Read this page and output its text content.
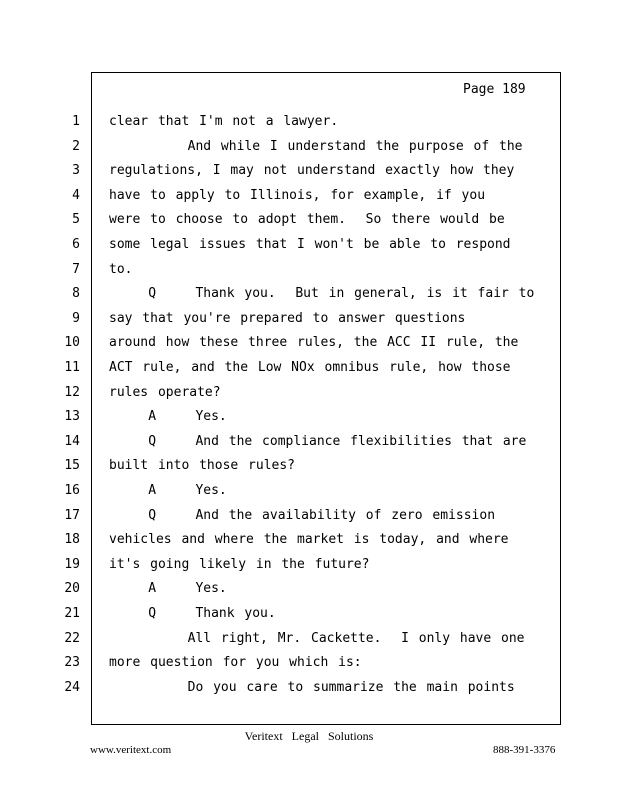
Page 189
1 clear that I'm not a lawyer.
2 And while I understand the purpose of the
3 regulations, I may not understand exactly how they
4 have to apply to Illinois, for example, if you
5 were to choose to adopt them.  So there would be
6 some legal issues that I won't be able to respond
7 to.
8 Q    Thank you.  But in general, is it fair to
9 say that you're prepared to answer questions
10 around how these three rules, the ACC II rule, the
11 ACT rule, and the Low NOx omnibus rule, how those
12 rules operate?
13 A    Yes.
14 Q    And the compliance flexibilities that are
15 built into those rules?
16 A    Yes.
17 Q    And the availability of zero emission
18 vehicles and where the market is today, and where
19 it's going likely in the future?
20 A    Yes.
21 Q    Thank you.
22 All right, Mr. Cackette.  I only have one
23 more question for you which is:
24 Do you care to summarize the main points
Veritext Legal Solutions
www.veritext.com	888-391-3376
